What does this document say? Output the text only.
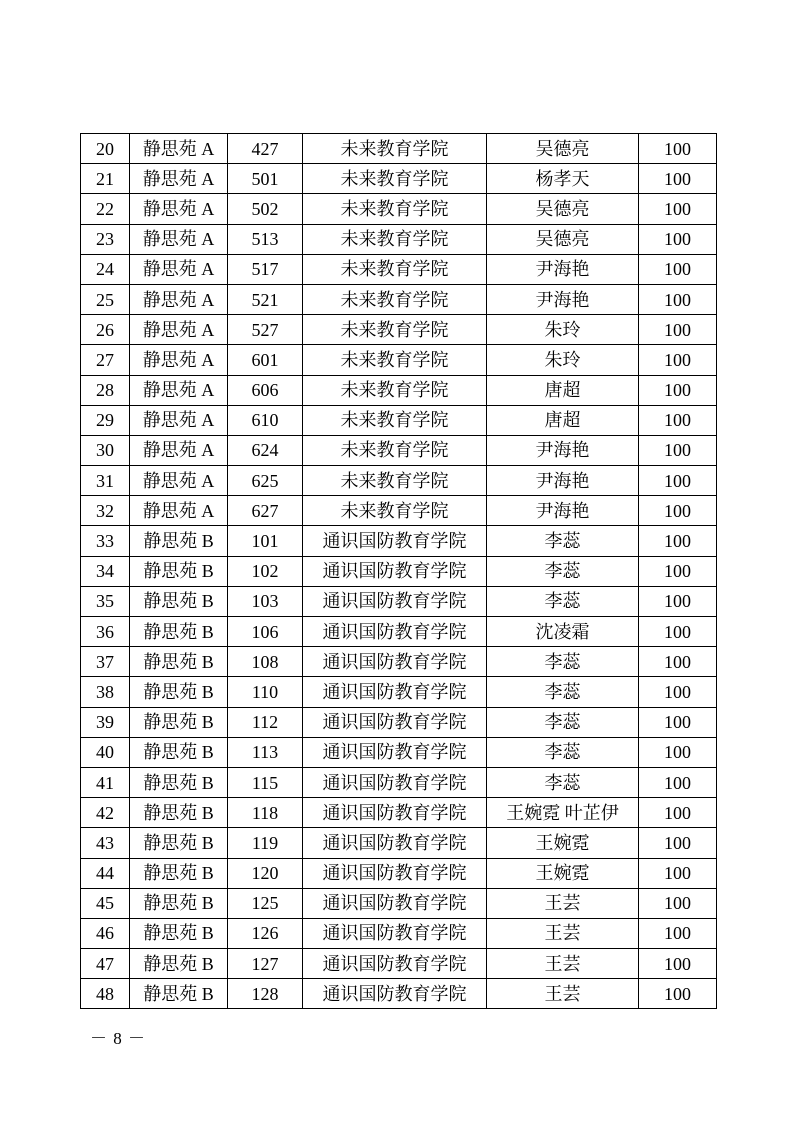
20	静思苑 A	427	未来教育学院	吴德亮	100
21	静思苑 A	501	未来教育学院	杨孝天	100
22	静思苑 A	502	未来教育学院	吴德亮	100
23	静思苑 A	513	未来教育学院	吴德亮	100
24	静思苑 A	517	未来教育学院	尹海艳	100
25	静思苑 A	521	未来教育学院	尹海艳	100
26	静思苑 A	527	未来教育学院	朱玲	100
27	静思苑 A	601	未来教育学院	朱玲	100
28	静思苑 A	606	未来教育学院	唐超	100
29	静思苑 A	610	未来教育学院	唐超	100
30	静思苑 A	624	未来教育学院	尹海艳	100
31	静思苑 A	625	未来教育学院	尹海艳	100
32	静思苑 A	627	未来教育学院	尹海艳	100
33	静思苑 B	101	通识国防教育学院	李蕊	100
34	静思苑 B	102	通识国防教育学院	李蕊	100
35	静思苑 B	103	通识国防教育学院	李蕊	100
36	静思苑 B	106	通识国防教育学院	沈凌霜	100
37	静思苑 B	108	通识国防教育学院	李蕊	100
38	静思苑 B	110	通识国防教育学院	李蕊	100
39	静思苑 B	112	通识国防教育学院	李蕊	100
40	静思苑 B	113	通识国防教育学院	李蕊	100
41	静思苑 B	115	通识国防教育学院	李蕊	100
42	静思苑 B	118	通识国防教育学院	王婉霓 叶芷伊	100
43	静思苑 B	119	通识国防教育学院	王婉霓	100
44	静思苑 B	120	通识国防教育学院	王婉霓	100
45	静思苑 B	125	通识国防教育学院	王芸	100
46	静思苑 B	126	通识国防教育学院	王芸	100
47	静思苑 B	127	通识国防教育学院	王芸	100
48	静思苑 B	128	通识国防教育学院	王芸	100
－ 8 －
